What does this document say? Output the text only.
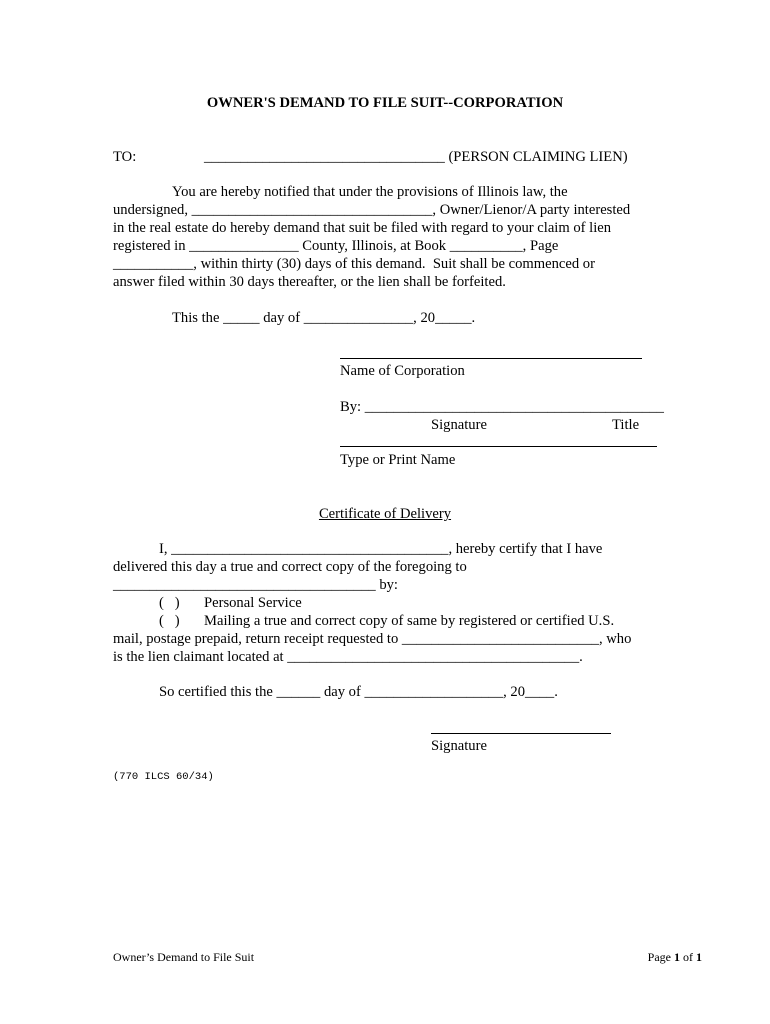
OWNER'S DEMAND TO FILE SUIT--CORPORATION
TO:	_________________________________ (PERSON CLAIMING LIEN)
You are hereby notified that under the provisions of Illinois law, the
undersigned, _________________________________, Owner/Lienor/A party interested
in the real estate do hereby demand that suit be filed with regard to your claim of lien
registered in _______________ County, Illinois, at Book __________, Page
___________, within thirty (30) days of this demand.  Suit shall be commenced or
answer filed within 30 days thereafter, or the lien shall be forfeited.
This the _____ day of _______________, 20_____.
Name of Corporation
By: _________________________________________
Signature	Title
Type or Print Name
Certificate of Delivery
I, ______________________________________, hereby certify that I have
delivered this day a true and correct copy of the foregoing to
____________________________________ by:
(   ) Personal Service
(   ) Mailing a true and correct copy of same by registered or certified U.S.
mail, postage prepaid, return receipt requested to ___________________________, who
is the lien claimant located at ________________________________________.
So certified this the ______ day of ___________________, 20____.
Signature
(770 ILCS 60/34)
Owner’s Demand to File Suit	Page 1 of 1
